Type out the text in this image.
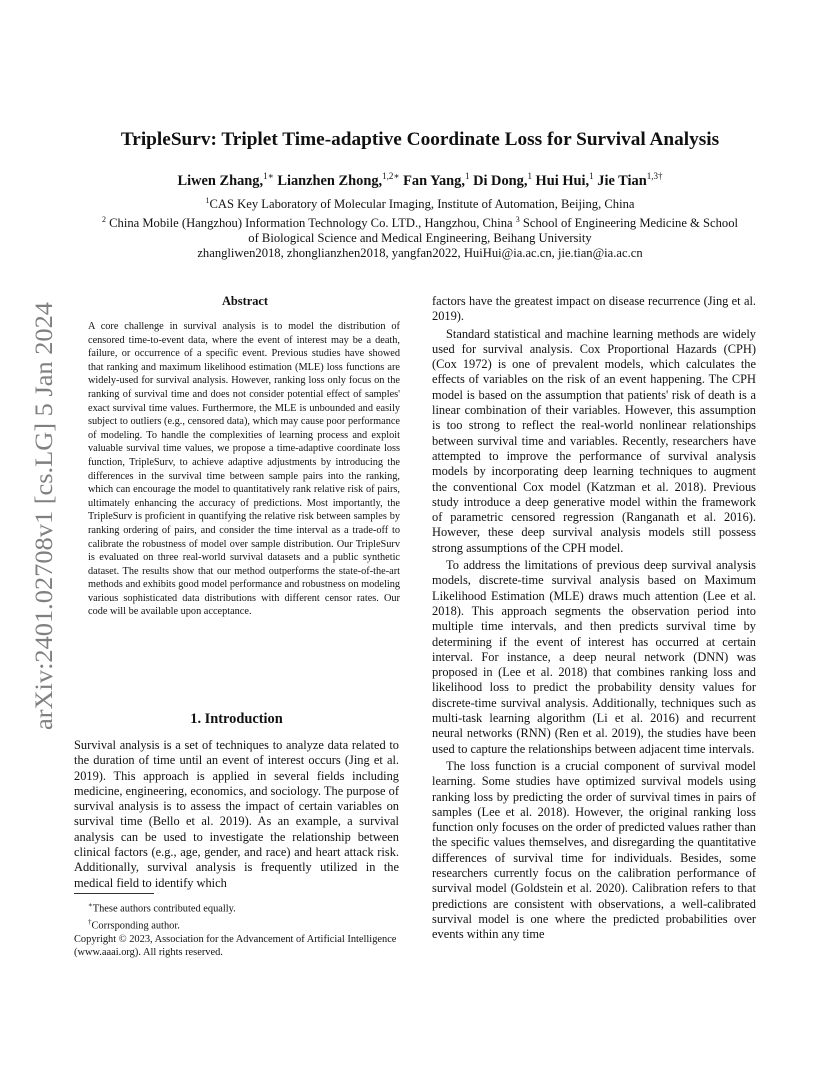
arXiv:2401.02708v1 [cs.LG] 5 Jan 2024
TripleSurv: Triplet Time-adaptive Coordinate Loss for Survival Analysis
Liwen Zhang,$^{1∗}$ Lianzhen Zhong,$^{1,2∗}$ Fan Yang,$^1$ Di Dong,$^1$ Hui Hui,$^1$ Jie Tian$^{1,3\dagger}$
$^1$CAS Key Laboratory of Molecular Imaging, Institute of Automation, Beijing, China
$^2$ China Mobile (Hangzhou) Information Technology Co. LTD., Hangzhou, China $^3$ School of Engineering Medicine & School
of Biological Science and Medical Engineering, Beihang University
zhangliwen2018, zhonglianzhen2018, yangfan2022, HuiHui@ia.ac.cn, jie.tian@ia.ac.cn
Abstract
A core challenge in survival analysis is to model the distribution of censored time-to-event data, where the event of interest may be a death, failure, or occurrence of a specific event. Previous studies have showed that ranking and maximum likelihood estimation (MLE) loss functions are widely-used for survival analysis. However, ranking loss only focus on the ranking of survival time and does not consider potential effect of samples' exact survival time values. Furthermore, the MLE is unbounded and easily subject to outliers (e.g., censored data), which may cause poor performance of modeling. To handle the complexities of learning process and exploit valuable survival time values, we propose a time-adaptive coordinate loss function, TripleSurv, to achieve adaptive adjustments by introducing the differences in the survival time between sample pairs into the ranking, which can encourage the model to quantitatively rank relative risk of pairs, ultimately enhancing the accuracy of predictions. Most importantly, the TripleSurv is proficient in quantifying the relative risk between samples by ranking ordering of pairs, and consider the time interval as a trade-off to calibrate the robustness of model over sample distribution. Our TripleSurv is evaluated on three real-world survival datasets and a public synthetic dataset. The results show that our method outperforms the state-of-the-art methods and exhibits good model performance and robustness on modeling various sophisticated data distributions with different censor rates. Our code will be available upon acceptance.
1. Introduction
Survival analysis is a set of techniques to analyze data related to the duration of time until an event of interest occurs (Jing et al. 2019). This approach is applied in several fields including medicine, engineering, economics, and sociology. The purpose of survival analysis is to assess the impact of certain variables on survival time (Bello et al. 2019). As an example, a survival analysis can be used to investigate the relationship between clinical factors (e.g., age, gender, and race) and heart attack risk. Additionally, survival analysis is frequently utilized in the medical field to identify which
∗These authors contributed equally.
†Corrsponding author.
Copyright © 2023, Association for the Advancement of Artificial Intelligence (www.aaai.org). All rights reserved.

factors have the greatest impact on disease recurrence (Jing et al. 2019).

Standard statistical and machine learning methods are widely used for survival analysis. Cox Proportional Hazards (CPH) (Cox 1972) is one of prevalent models, which calculates the effects of variables on the risk of an event happening. The CPH model is based on the assumption that patients' risk of death is a linear combination of their variables. However, this assumption is too strong to reflect the real-world nonlinear relationships between survival time and variables. Recently, researchers have attempted to improve the performance of survival analysis models by incorporating deep learning techniques to augment the conventional Cox model (Katzman et al. 2018). Previous study introduce a deep generative model within the framework of parametric censored regression (Ranganath et al. 2016). However, these deep survival analysis models still possess strong assumptions of the CPH model.

To address the limitations of previous deep survival analysis models, discrete-time survival analysis based on Maximum Likelihood Estimation (MLE) draws much attention (Lee et al. 2018). This approach segments the observation period into multiple time intervals, and then predicts survival time by determining if the event of interest has occurred at certain interval. For instance, a deep neural network (DNN) was proposed in (Lee et al. 2018) that combines ranking loss and likelihood loss to predict the probability density values for discrete-time survival analysis. Additionally, techniques such as multi-task learning algorithm (Li et al. 2016) and recurrent neural networks (RNN) (Ren et al. 2019), the studies have been used to capture the relationships between adjacent time intervals.

The loss function is a crucial component of survival model learning. Some studies have optimized survival models using ranking loss by predicting the order of survival times in pairs of samples (Lee et al. 2018). However, the original ranking loss function only focuses on the order of predicted values rather than the specific values themselves, and disregarding the quantitative differences of survival time for individuals. Besides, some researchers currently focus on the calibration performance of survival model (Goldstein et al. 2020). Calibration refers to that predictions are consistent with observations, a well-calibrated survival model is one where the predicted probabilities over events within any time
